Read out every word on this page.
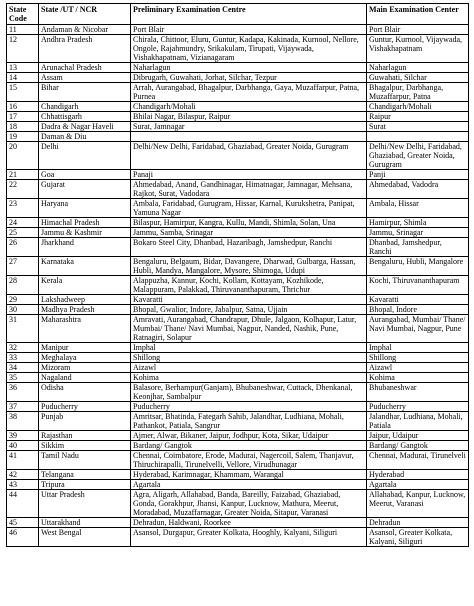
State Code	State /UT / NCR	Preliminary Examination Centre	Main Examination Center
11	Andaman & Nicobar	Port Blair	Port Blair
12	Andhra Pradesh	Chirala, Chittoor, Eluru, Guntur, Kadapa, Kakinada, Kurnool, Nellore, Ongole, Rajahmundry, Srikakulam, Tirupati, Vijaywada, Vishakhapatnam, Vizianagaram	Guntur, Kurnool, Vijaywada, Vishakhapatnam
13	Arunachal Pradesh	Naharlagun	Naharlagun
14	Assam	Dibrugarh, Guwahati, Jorhat, Silchar, Tezpur	Guwahati, Silchar
15	Bihar	Arrah, Aurangabad, Bhagalpur, Darbhanga, Gaya, Muzaffarpur, Patna, Purnea	Bhagalpur, Darbhanga, Muzaffarpur, Patna
16	Chandigarh	Chandigarh/Mohali	Chandigarh/Mohali
17	Chhattisgarh	Bhilai Nagar, Bilaspur, Raipur	Raipur
18	Dadra & Nagar Haveli	Surat, Jamnagar	Surat
19	Daman & Diu		
20	Delhi	Delhi/New Delhi, Faridabad, Ghaziabad, Greater Noida, Gurugram	Delhi/New Delhi, Faridabad, Ghaziabad, Greater Noida, Gurugram
21	Goa	Panaji	Panji
22	Gujarat	Ahmedabad, Anand, Gandhinagar, Himatnagar, Jamnagar, Mehsana, Rajkot, Surat, Vadodara	Ahmedabad, Vadodra
23	Haryana	Ambala, Faridabad, Gurugram, Hissar, Karnal, Kurukshetra, Panipat, Yamuna Nagar	Ambala, Hissar
24	Himachal Pradesh	Bilaspur, Hamirpur, Kangra, Kullu, Mandi, Shimla, Solan, Una	Hamirpur, Shimla
25	Jammu & Kashmir	Jammu, Samba, Srinagar	Jammu, Srinagar
26	Jharkhand	Bokaro Steel City, Dhanbad, Hazaribagh, Jamshedpur, Ranchi	Dhanbad, Jamshedpur, Ranchi
27	Karnataka	Bengaluru, Belgaum, Bidar, Davangere, Dharwad, Gulbarga, Hassan, Hubli, Mandya, Mangalore, Mysore, Shimoga, Udupi	Bengaluru, Hubli, Mangalore
28	Kerala	Alappuzha, Kannur, Kochi, Kollam, Kottayam, Kozhikode, Malappuram, Palakkad, Thiruvananthapuram, Thrichur	Kochi, Thiruvananthapuram
29	Lakshadweep	Kavaratti	Kavaratti
30	Madhya Pradesh	Bhopal, Gwalior, Indore, Jabalpur, Satna, Ujjain	Bhopal, Indore
31	Maharashtra	Amravati, Aurangabad, Chandrapur, Dhule, Jalgaon, Kolhapur, Latur, Mumbai/ Thane/ Navi Mumbai, Nagpur, Nanded, Nashik, Pune, Ratnagiri, Solapur	Aurangabad, Mumbai/ Thane/ Navi Mumbai, Nagpur, Pune
32	Manipur	Imphal	Imphal
33	Meghalaya	Shillong	Shillong
34	Mizoram	Aizawl	Aizawl
35	Nagaland	Kohima	Kohima
36	Odisha	Balasore, Berhampur(Ganjam), Bhubaneshwar, Cuttack, Dhenkanal, Keonjhar, Sambalpur	Bhubaneshwar
37	Puducherry	Puducherry	Puducherry
38	Punjab	Amritsar, Bhatinda, Fategarh Sahib, Jalandhar, Ludhiana, Mohali, Pathankot, Patiala, Sangrur	Jalandhar, Ludhiana, Mohali, Patiala
39	Rajasthan	Ajmer, Alwar, Bikaner, Jaipur, Jodhpur, Kota, Sikar, Udaipur	Jaipur, Udaipur
40	Sikkim	Bardang/ Gangtok	Bardang/ Gangtok
41	Tamil Nadu	Chennai, Coimbatore, Erode, Madurai, Nagercoil, Salem, Thanjavur, Thiruchirapalli, Tirunelvelli, Vellore, Virudhunagar	Chennai, Madurai, Tirunelveli
42	Telangana	Hyderabad, Karimnagar, Khammam, Warangal	Hyderabad
43	Tripura	Agartala	Agartala
44	Uttar Pradesh	Agra, Aligarh, Allahabad, Banda, Bareilly, Faizabad, Ghaziabad, Gonda, Gorakhpur, Jhansi, Kanpur, Lucknow, Mathura, Meerut, Moradabad, Muzaffarnagar, Greater Noida, Sitapur, Varanasi	Allahabad, Kanpur, Lucknow, Meerut, Varanasi
45	Uttarakhand	Dehradun, Haldwani, Roorkee	Dehradun
46	West Bengal	Asansol, Durgapur, Greater Kolkata, Hooghly, Kalyani, Siliguri	Asansol, Greater Kolkata, Kalyani, Siliguri
